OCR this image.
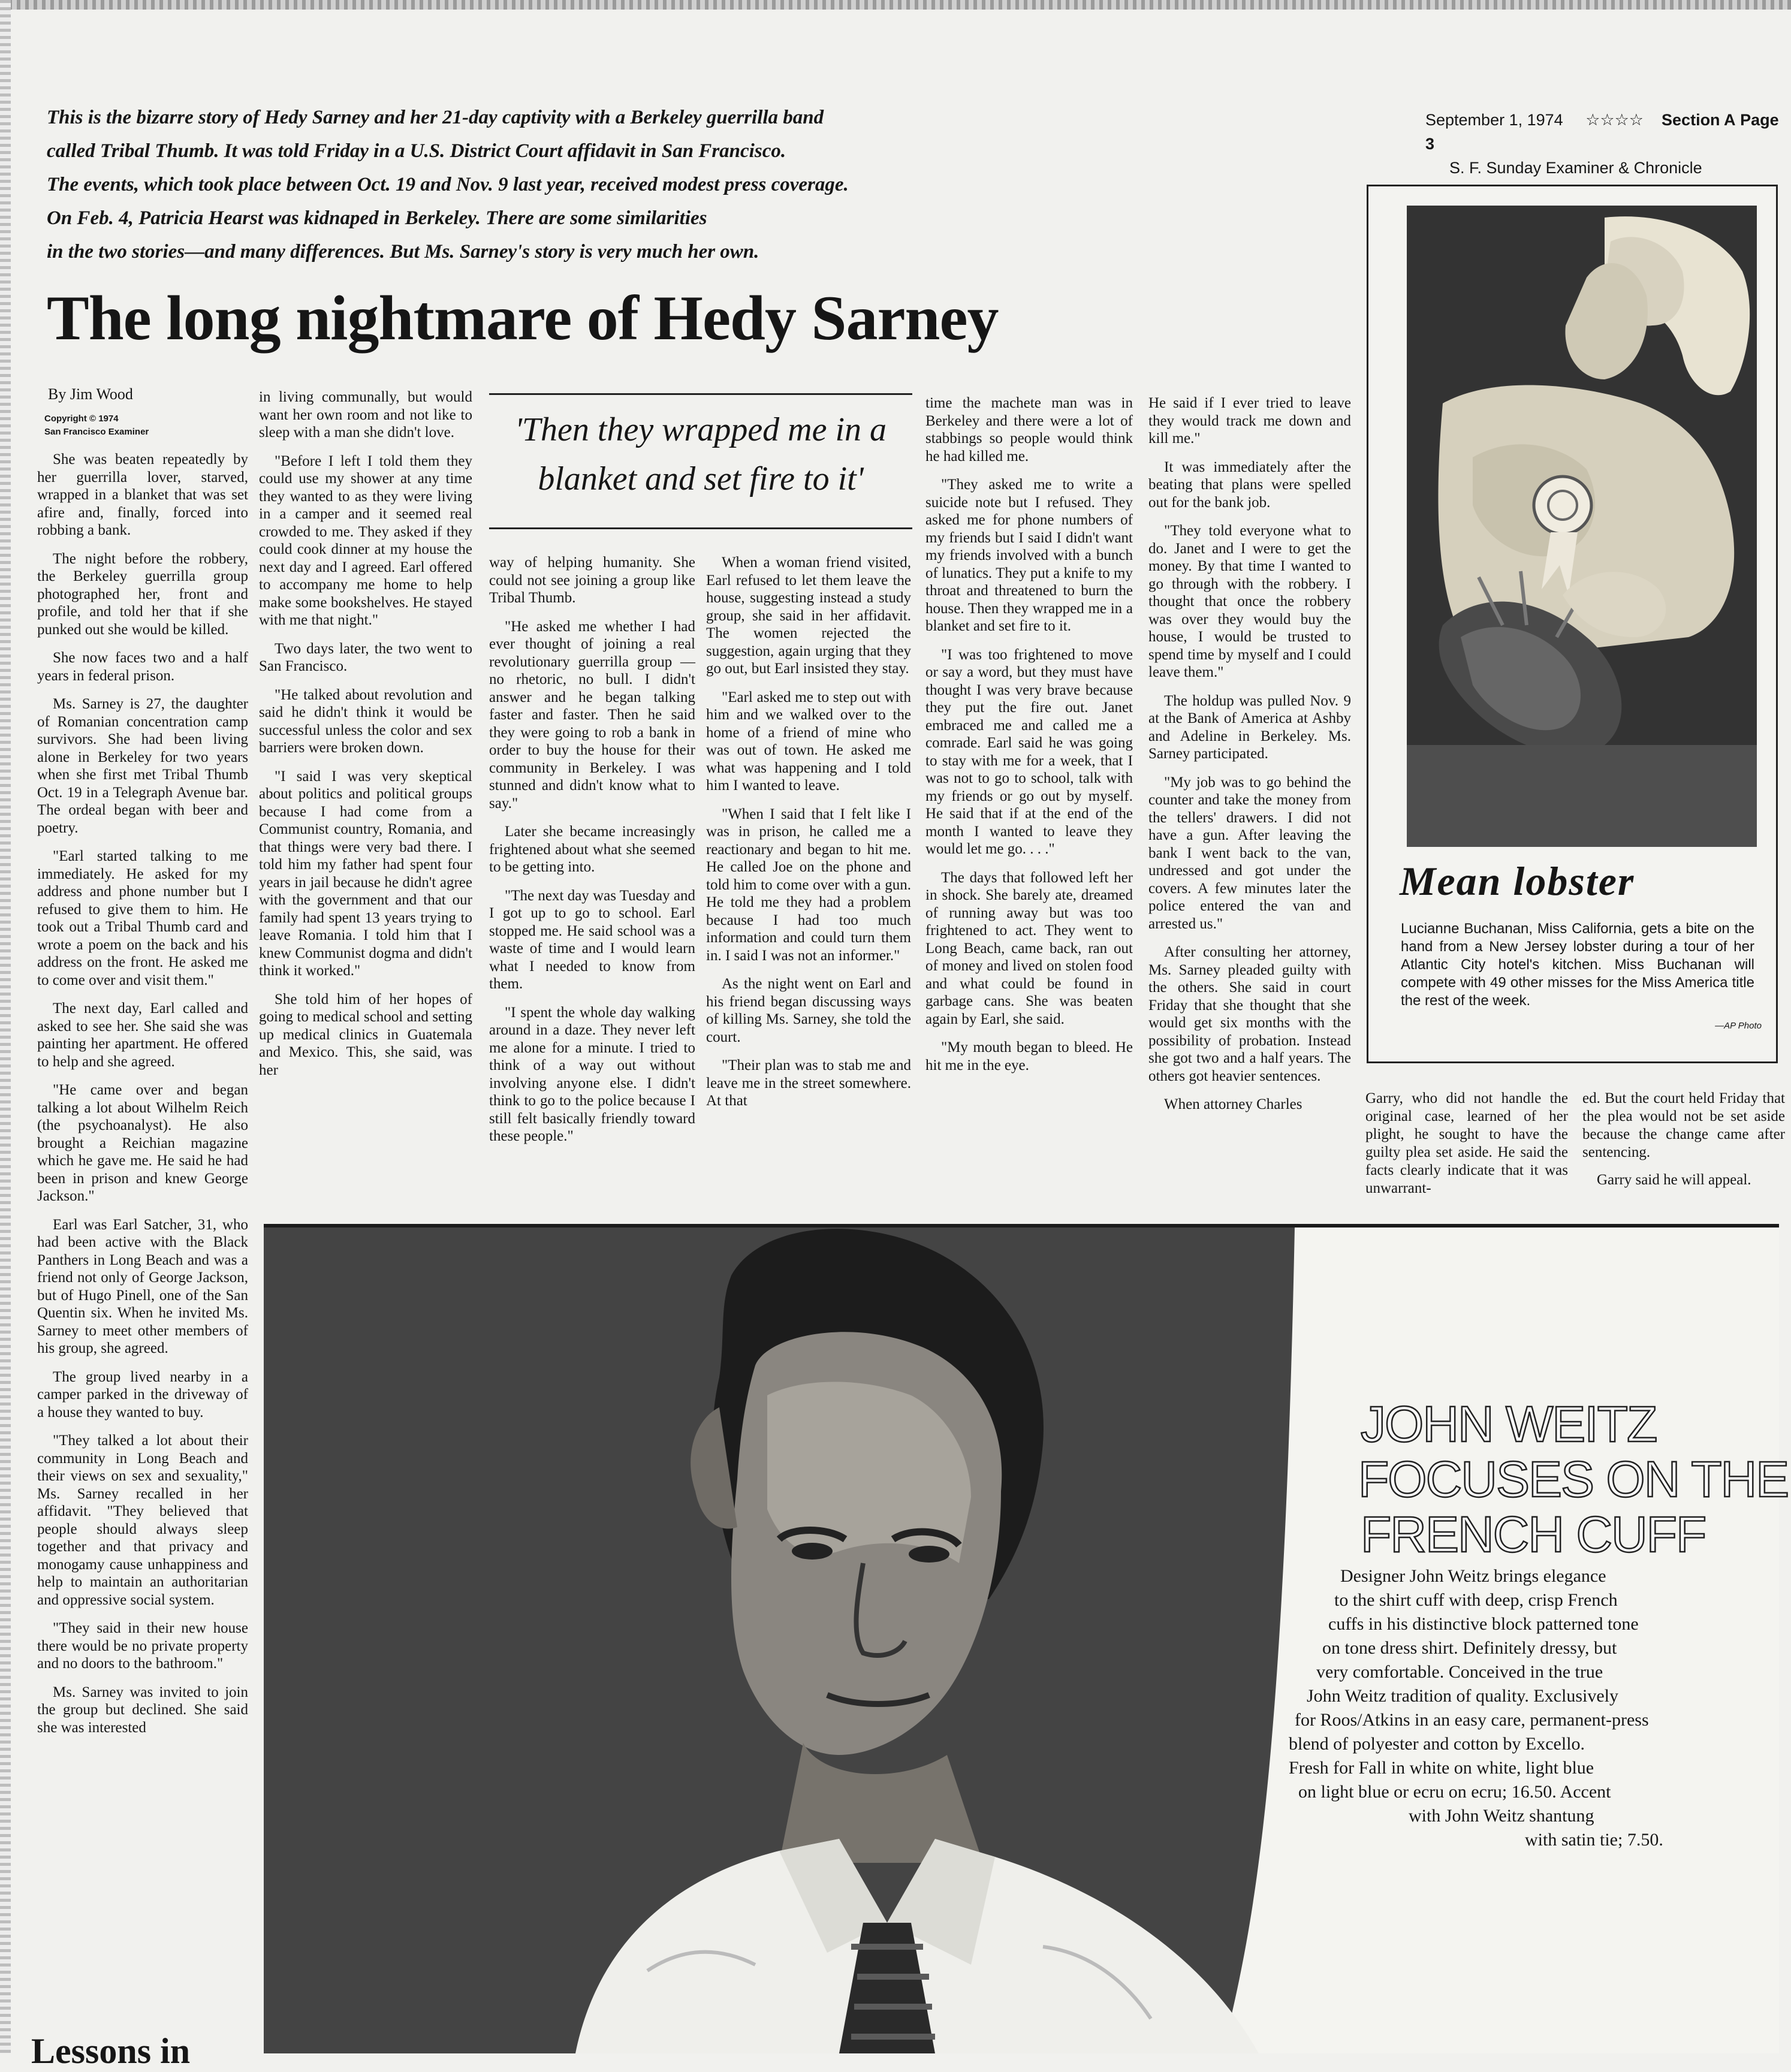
This is the bizarre story of Hedy Sarney and her 21-day captivity with a Berkeley guerrilla band
called Tribal Thumb. It was told Friday in a U.S. District Court affidavit in San Francisco.
The events, which took place between Oct. 19 and Nov. 9 last year, received modest press coverage.
On Feb. 4, Patricia Hearst was kidnaped in Berkeley. There are some similarities
in the two stories—and many differences. But Ms. Sarney's story is very much her own.
September 1, 1974 ☆☆☆☆ Section A Page 3
S. F. Sunday Examiner & Chronicle
The long nightmare of Hedy Sarney
By Jim Wood
Copyright © 1974
San Francisco Examiner

She was beaten repeatedly by her guerrilla lover, starved, wrapped in a blanket that was set afire and, finally, forced into robbing a bank.

The night before the robbery, the Berkeley guerrilla group photographed her, front and profile, and told her that if she punked out she would be killed.

She now faces two and a half years in federal prison.

Ms. Sarney is 27, the daughter of Romanian concentration camp survivors. She had been living alone in Berkeley for two years when she first met Tribal Thumb Oct. 19 in a Telegraph Avenue bar. The ordeal began with beer and poetry.

"Earl started talking to me immediately. He asked for my address and phone number but I refused to give them to him. He took out a Tribal Thumb card and wrote a poem on the back and his address on the front. He asked me to come over and visit them."

The next day, Earl called and asked to see her. She said she was painting her apartment. He offered to help and she agreed.

"He came over and began talking a lot about Wilhelm Reich (the psychoanalyst). He also brought a Reichian magazine which he gave me. He said he had been in prison and knew George Jackson."

Earl was Earl Satcher, 31, who had been active with the Black Panthers in Long Beach and was a friend not only of George Jackson, but of Hugo Pinell, one of the San Quentin six. When he invited Ms. Sarney to meet other members of his group, she agreed.

The group lived nearby in a camper parked in the driveway of a house they wanted to buy.

"They talked a lot about their community in Long Beach and their views on sex and sexuality," Ms. Sarney recalled in her affidavit. "They believed that people should always sleep together and that privacy and monogamy cause unhappiness and help to maintain an authoritarian and oppressive social system.

"They said in their new house there would be no private property and no doors to the bathroom."

Ms. Sarney was invited to join the group but declined. She said she was interested

in living communally, but would want her own room and not like to sleep with a man she didn't love.

"Before I left I told them they could use my shower at any time they wanted to as they were living in a camper and it seemed real crowded to me. They asked if they could cook dinner at my house the next day and I agreed. Earl offered to accompany me home to help make some bookshelves. He stayed with me that night."

Two days later, the two went to San Francisco.

"He talked about revolution and said he didn't think it would be successful unless the color and sex barriers were broken down.

"I said I was very skeptical about politics and political groups because I had come from a Communist country, Romania, and that things were very bad there. I told him my father had spent four years in jail because he didn't agree with the government and that our family had spent 13 years trying to leave Romania. I told him that I knew Communist dogma and didn't think it worked."

She told him of her hopes of going to medical school and setting up medical clinics in Guatemala and Mexico. This, she said, was her

'Then they wrapped me in a blanket and set fire to it'

way of helping humanity. She could not see joining a group like Tribal Thumb.

"He asked me whether I had ever thought of joining a real revolutionary guerrilla group — no rhetoric, no bull. I didn't answer and he began talking faster and faster. Then he said they were going to rob a bank in order to buy the house for their community in Berkeley. I was stunned and didn't know what to say."

Later she became increasingly frightened about what she seemed to be getting into.

"The next day was Tuesday and I got up to go to school. Earl stopped me. He said school was a waste of time and I would learn what I needed to know from them.

"I spent the whole day walking around in a daze. They never left me alone for a minute. I tried to think of a way out without involving anyone else. I didn't think to go to the police because I still felt basically friendly toward these people."

When a woman friend visited, Earl refused to let them leave the house, suggesting instead a study group, she said in her affidavit. The women rejected the suggestion, again urging that they go out, but Earl insisted they stay.

"Earl asked me to step out with him and we walked over to the home of a friend of mine who was out of town. He asked me what was happening and I told him I wanted to leave.

"When I said that I felt like I was in prison, he called me a reactionary and began to hit me. He called Joe on the phone and told him to come over with a gun. He told me they had a problem because I had too much information and could turn them in. I said I was not an informer."

As the night went on Earl and his friend began discussing ways of killing Ms. Sarney, she told the court.

"Their plan was to stab me and leave me in the street somewhere. At that

time the machete man was in Berkeley and there were a lot of stabbings so people would think he had killed me.

"They asked me to write a suicide note but I refused. They asked me for phone numbers of my friends but I said I didn't want my friends involved with a bunch of lunatics. They put a knife to my throat and threatened to burn the house. Then they wrapped me in a blanket and set fire to it.

"I was too frightened to move or say a word, but they must have thought I was very brave because they put the fire out. Janet embraced me and called me a comrade. Earl said he was going to stay with me for a week, that I was not to go to school, talk with my friends or go out by myself. He said that if at the end of the month I wanted to leave they would let me go. . . ."

The days that followed left her in shock. She barely ate, dreamed of running away but was too frightened to act. They went to Long Beach, came back, ran out of money and lived on stolen food and what could be found in garbage cans. She was beaten again by Earl, she said.

"My mouth began to bleed. He hit me in the eye.

He said if I ever tried to leave they would track me down and kill me."

It was immediately after the beating that plans were spelled out for the bank job.

"They told everyone what to do. Janet and I were to get the money. By that time I wanted to go through with the robbery. I thought that once the robbery was over they would buy the house, I would be trusted to spend time by myself and I could leave them."

The holdup was pulled Nov. 9 at the Bank of America at Ashby and Adeline in Berkeley. Ms. Sarney participated.

"My job was to go behind the counter and take the money from the tellers' drawers. I did not have a gun. After leaving the bank I went back to the van, undressed and got under the covers. A few minutes later the police entered the van and arrested us."

After consulting her attorney, Ms. Sarney pleaded guilty with the others. She said in court Friday that she thought that she would get six months with the possibility of probation. Instead she got two and a half years. The others got heavier sentences.

When attorney Charles

Mean lobster
Lucianne Buchanan, Miss California, gets a bite on the hand from a New Jersey lobster during a tour of her Atlantic City hotel's kitchen. Miss Buchanan will compete with 49 other misses for the Miss America title the rest of the week.
—AP Photo

Garry, who did not handle the original case, learned of her plight, he sought to have the guilty plea set aside. He said the facts clearly indicate that it was unwarrant-

ed. But the court held Friday that the plea would not be set aside because the change came after sentencing.

Garry said he will appeal.

JOHN WEITZ
FOCUSES ON THE
FRENCH CUFF
Designer John Weitz brings elegance
to the shirt cuff with deep, crisp French
cuffs in his distinctive block patterned tone
on tone dress shirt. Definitely dressy, but
very comfortable. Conceived in the true
John Weitz tradition of quality. Exclusively
for Roos/Atkins in an easy care, permanent-press
blend of polyester and cotton by Excello.
Fresh for Fall in white on white, light blue
on light blue or ecru on ecru; 16.50. Accent
with John Weitz shantung
with satin tie; 7.50.
Lessons in
